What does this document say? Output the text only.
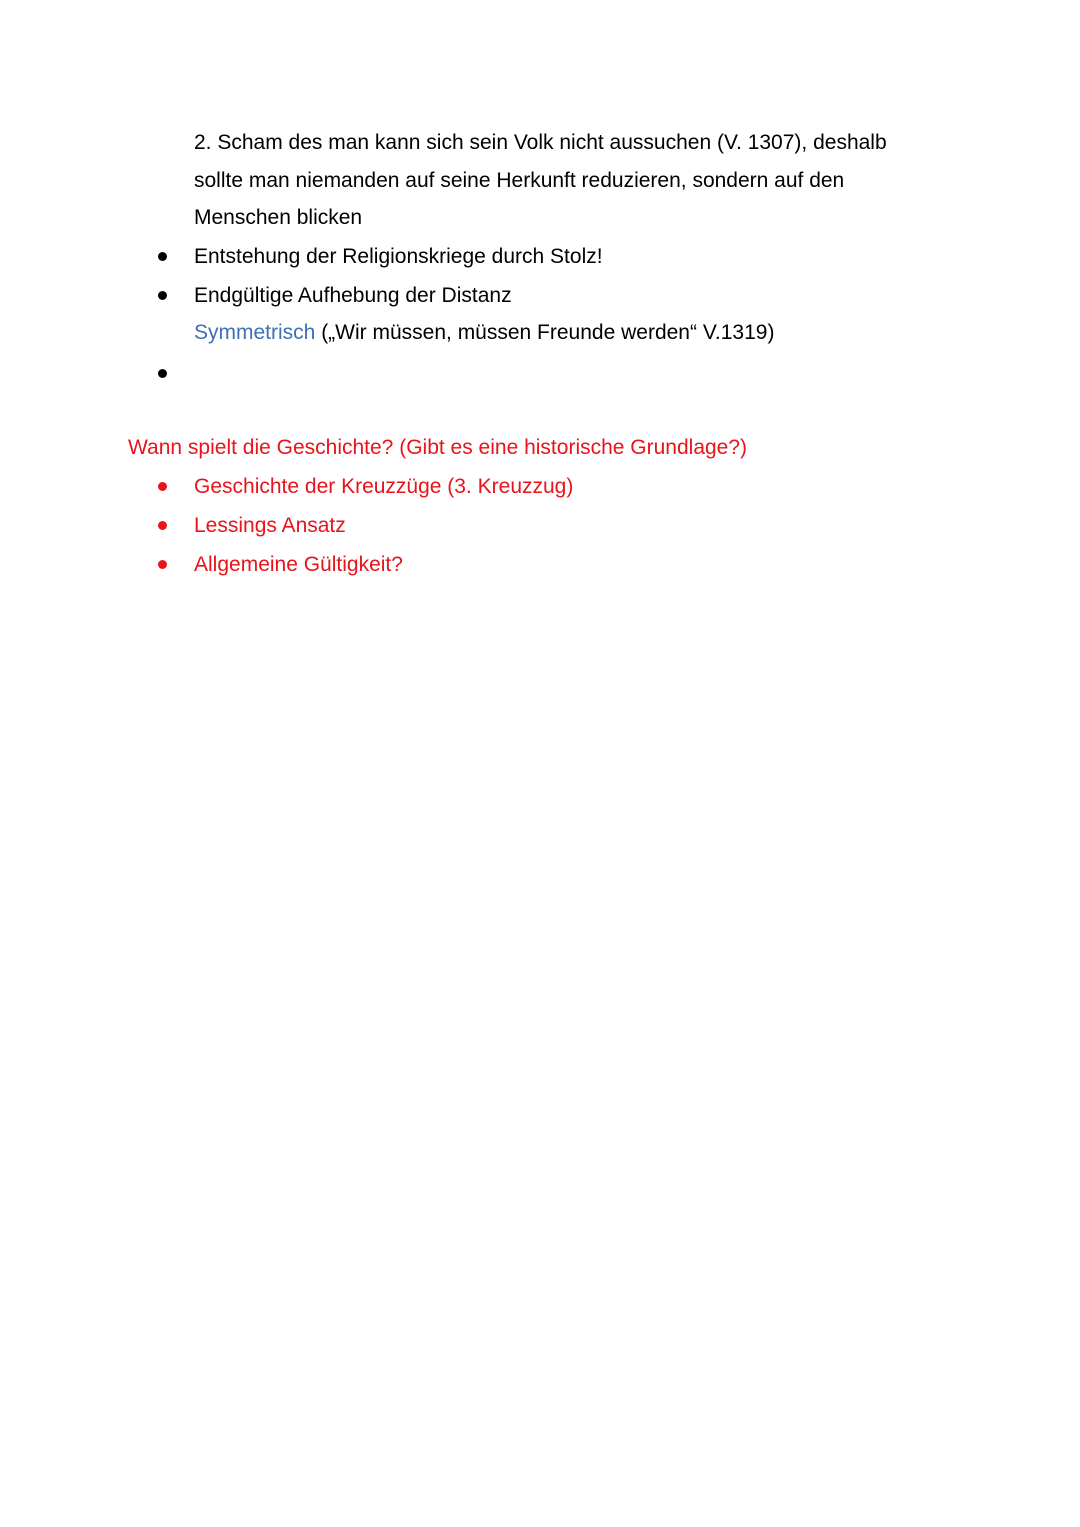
2. Scham des man kann sich sein Volk nicht aussuchen (V. 1307), deshalb
sollte man niemanden auf seine Herkunft reduzieren, sondern auf den
Menschen blicken
Entstehung der Religionskriege durch Stolz!
Endgültige Aufhebung der Distanz
Symmetrisch („Wir müssen, müssen Freunde werden“ V.1319)
Wann spielt die Geschichte? (Gibt es eine historische Grundlage?)
Geschichte der Kreuzzüge (3. Kreuzzug)
Lessings Ansatz
Allgemeine Gültigkeit?
